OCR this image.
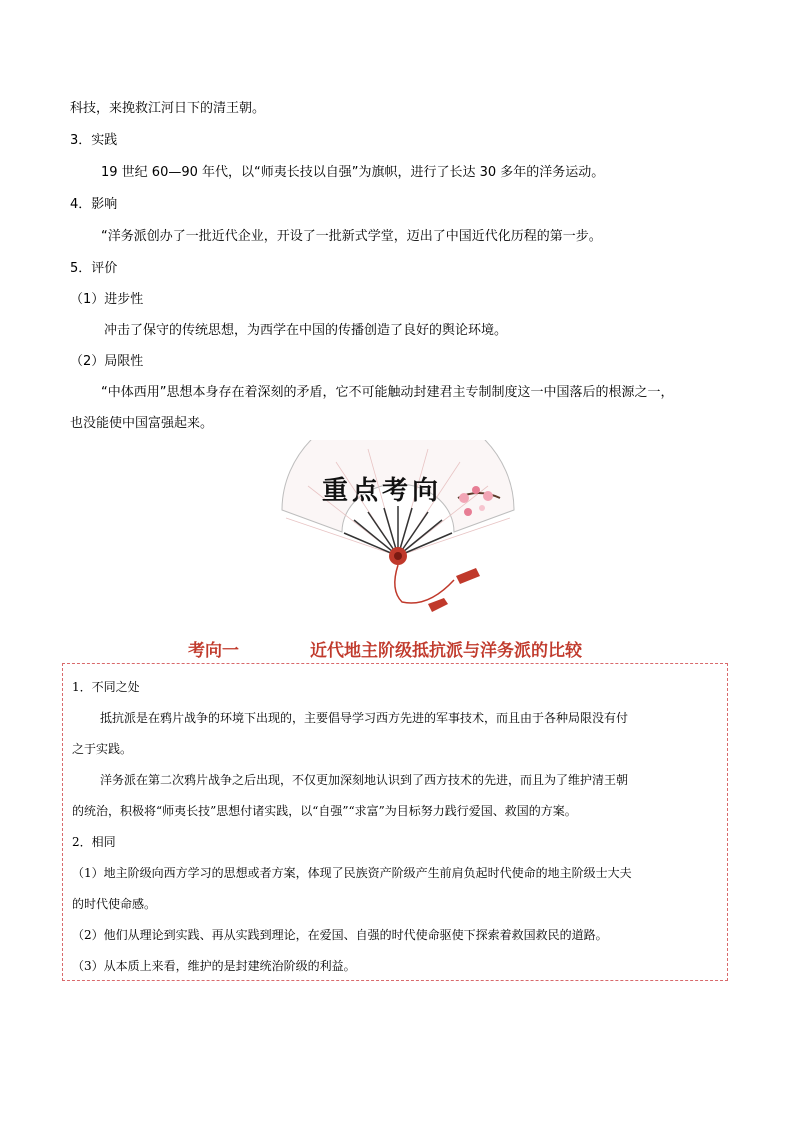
科技，来挽救江河日下的清王朝。
3．实践
19 世纪 60—90 年代，以“师夷长技以自强”为旗帜，进行了长达 30 多年的洋务运动。
4．影响
“洋务派创办了一批近代企业，开设了一批新式学堂，迈出了中国近代化历程的第一步。
5．评价
（1）进步性
冲击了保守的传统思想，为西学在中国的传播创造了良好的舆论环境。
（2）局限性
“中体西用”思想本身存在着深刻的矛盾，它不可能触动封建君主专制制度这一中国落后的根源之一，
也没能使中国富强起来。
重点考向
考向一	近代地主阶级抵抗派与洋务派的比较
1．不同之处
抵抗派是在鸦片战争的环境下出现的，主要倡导学习西方先进的军事技术，而且由于各种局限没有付
之于实践。
洋务派在第二次鸦片战争之后出现，不仅更加深刻地认识到了西方技术的先进，而且为了维护清王朝
的统治，积极将“师夷长技”思想付诸实践，以“自强”“求富”为目标努力践行爱国、救国的方案。
2．相同
（1）地主阶级向西方学习的思想或者方案，体现了民族资产阶级产生前肩负起时代使命的地主阶级士大夫
的时代使命感。
（2）他们从理论到实践、再从实践到理论，在爱国、自强的时代使命驱使下探索着救国救民的道路。
（3）从本质上来看，维护的是封建统治阶级的利益。
